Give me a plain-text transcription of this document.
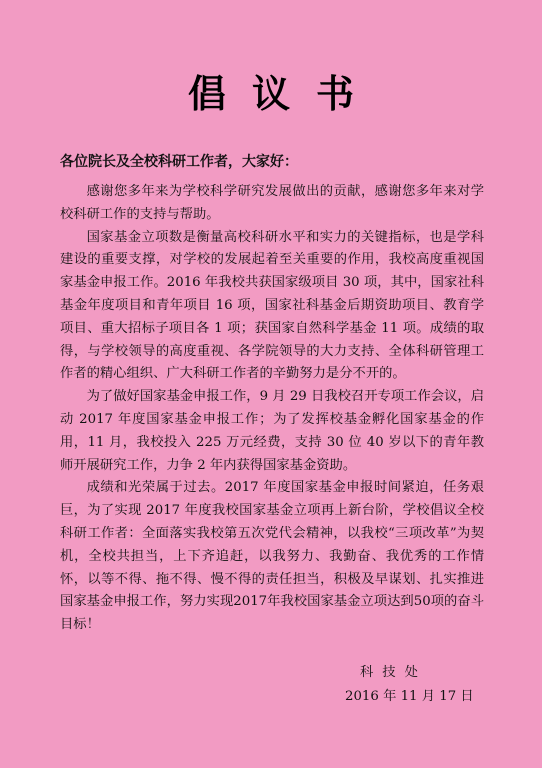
倡议书
各位院长及全校科研工作者，大家好：

感谢您多年来为学校科学研究发展做出的贡献，感谢您多年来对学校科研工作的支持与帮助。

国家基金立项数是衡量高校科研水平和实力的关键指标，也是学科建设的重要支撑，对学校的发展起着至关重要的作用，我校高度重视国家基金申报工作。2016 年我校共获国家级项目 30 项，其中，国家社科基金年度项目和青年项目 16 项，国家社科基金后期资助项目、教育学项目、重大招标子项目各 1 项；获国家自然科学基金 11 项。成绩的取得，与学校领导的高度重视、各学院领导的大力支持、全体科研管理工作者的精心组织、广大科研工作者的辛勤努力是分不开的。

为了做好国家基金申报工作，9 月 29 日我校召开专项工作会议，启动 2017 年度国家基金申报工作；为了发挥校基金孵化国家基金的作用，11 月，我校投入 225 万元经费，支持 30 位 40 岁以下的青年教师开展研究工作，力争 2 年内获得国家基金资助。

成绩和光荣属于过去。2017 年度国家基金申报时间紧迫，任务艰巨，为了实现 2017 年度我校国家基金立项再上新台阶，学校倡议全校科研工作者：全面落实我校第五次党代会精神，以我校“三项改革”为契机，全校共担当，上下齐追赶，以我努力、我勤奋、我优秀的工作情怀，以等不得、拖不得、慢不得的责任担当，积极及早谋划、扎实推进国家基金申报工作，努力实现2017年我校国家基金立项达到50项的奋斗目标！

科技处
2016 年 11 月 17 日
